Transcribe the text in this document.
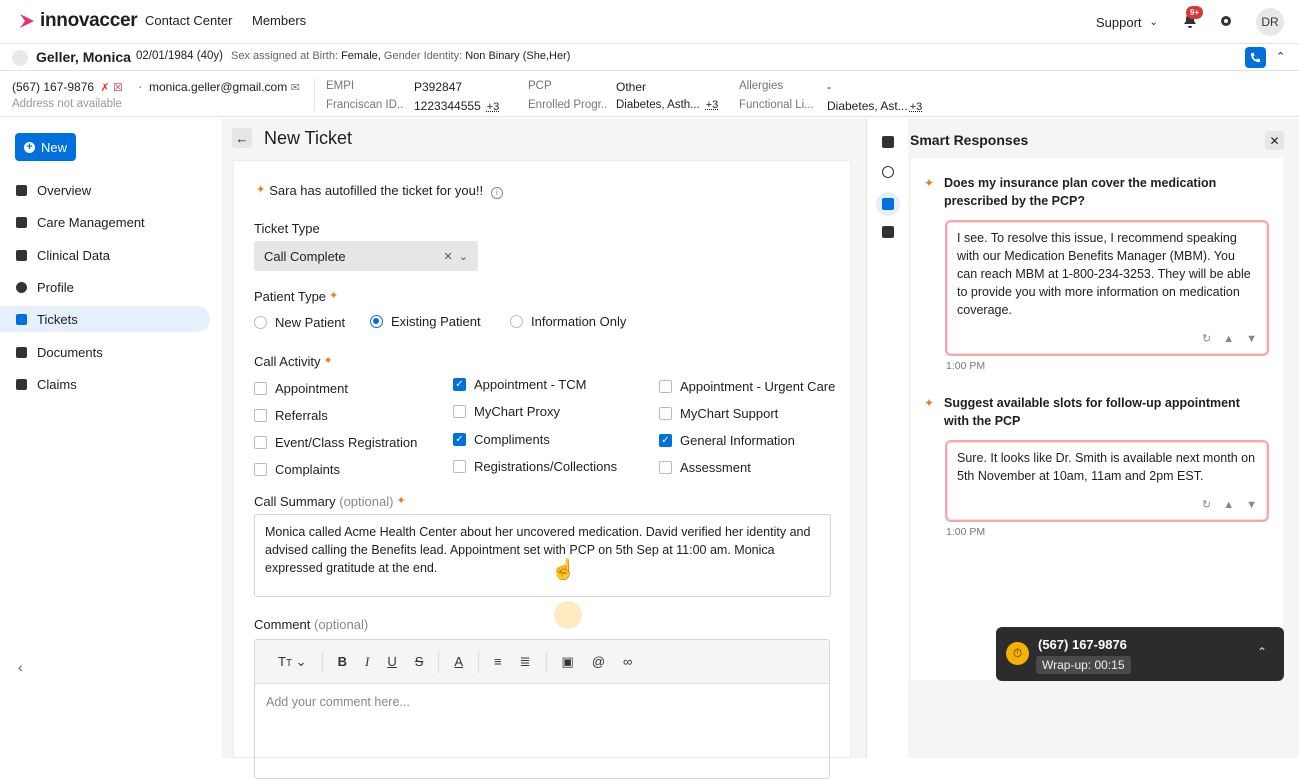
innovaccer Contact Center Members	Support ⌄
9+
DR
Geller, Monica 02/01/1984 (40y) Sex assigned at Birth: Female, Gender Identity: Non Binary (She,Her)	⌃
(567) 167-9876 ✗ ☒
Address not available
· monica.geller@gmail.com ✉ EMPI	P392847
Franciscan ID.. 1223344555 +3
PCP	Other
Enrolled Progr.. Diabetes, Asth... +3
Allergies	-
Functional Li... Diabetes, Ast... +3
+ New
Overview
Care Management
Clinical Data
Profile
Tickets
Documents
Claims
‹
← New Ticket
✦ Sara has autofilled the ticket for you!! i
Ticket Type
Call Complete	✕ ⌄
Patient Type ✦
New Patient	Existing Patient	Information Only
Call Activity ✦
Appointment
Referrals
Event/Class Registration
Complaints
✓ Appointment - TCM
MyChart Proxy
✓ Compliments
Registrations/Collections
Appointment - Urgent Care
MyChart Support
✓ General Information
Assessment
Call Summary (optional) ✦
Monica called Acme Health Center about her uncovered medication. David verified her identity and advised calling the Benefits lead. Appointment set with PCP on 5th Sep at 11:00 am. Monica expressed gratitude at the end.	☝
Comment (optional)
TT ⌄ B I U S A ≡ ≣ ▣ @ ∞
Add your comment here...
Smart Responses	✕
✦ Does my insurance plan cover the medication prescribed by the PCP?
I see. To resolve this issue, I recommend speaking with our Medication Benefits Manager (MBM). You can reach MBM at 1-800-234-3253. They will be able to provide you with more information on medication coverage.
↻ ▲ ▼
1:00 PM
✦ Suggest available slots for follow-up appointment with the PCP
Sure. It looks like Dr. Smith is available next month on 5th November at 10am, 11am and 2pm EST.
↻ ▲ ▼
1:00 PM
⏱
(567) 167-9876
Wrap-up: 00:15
⌃
